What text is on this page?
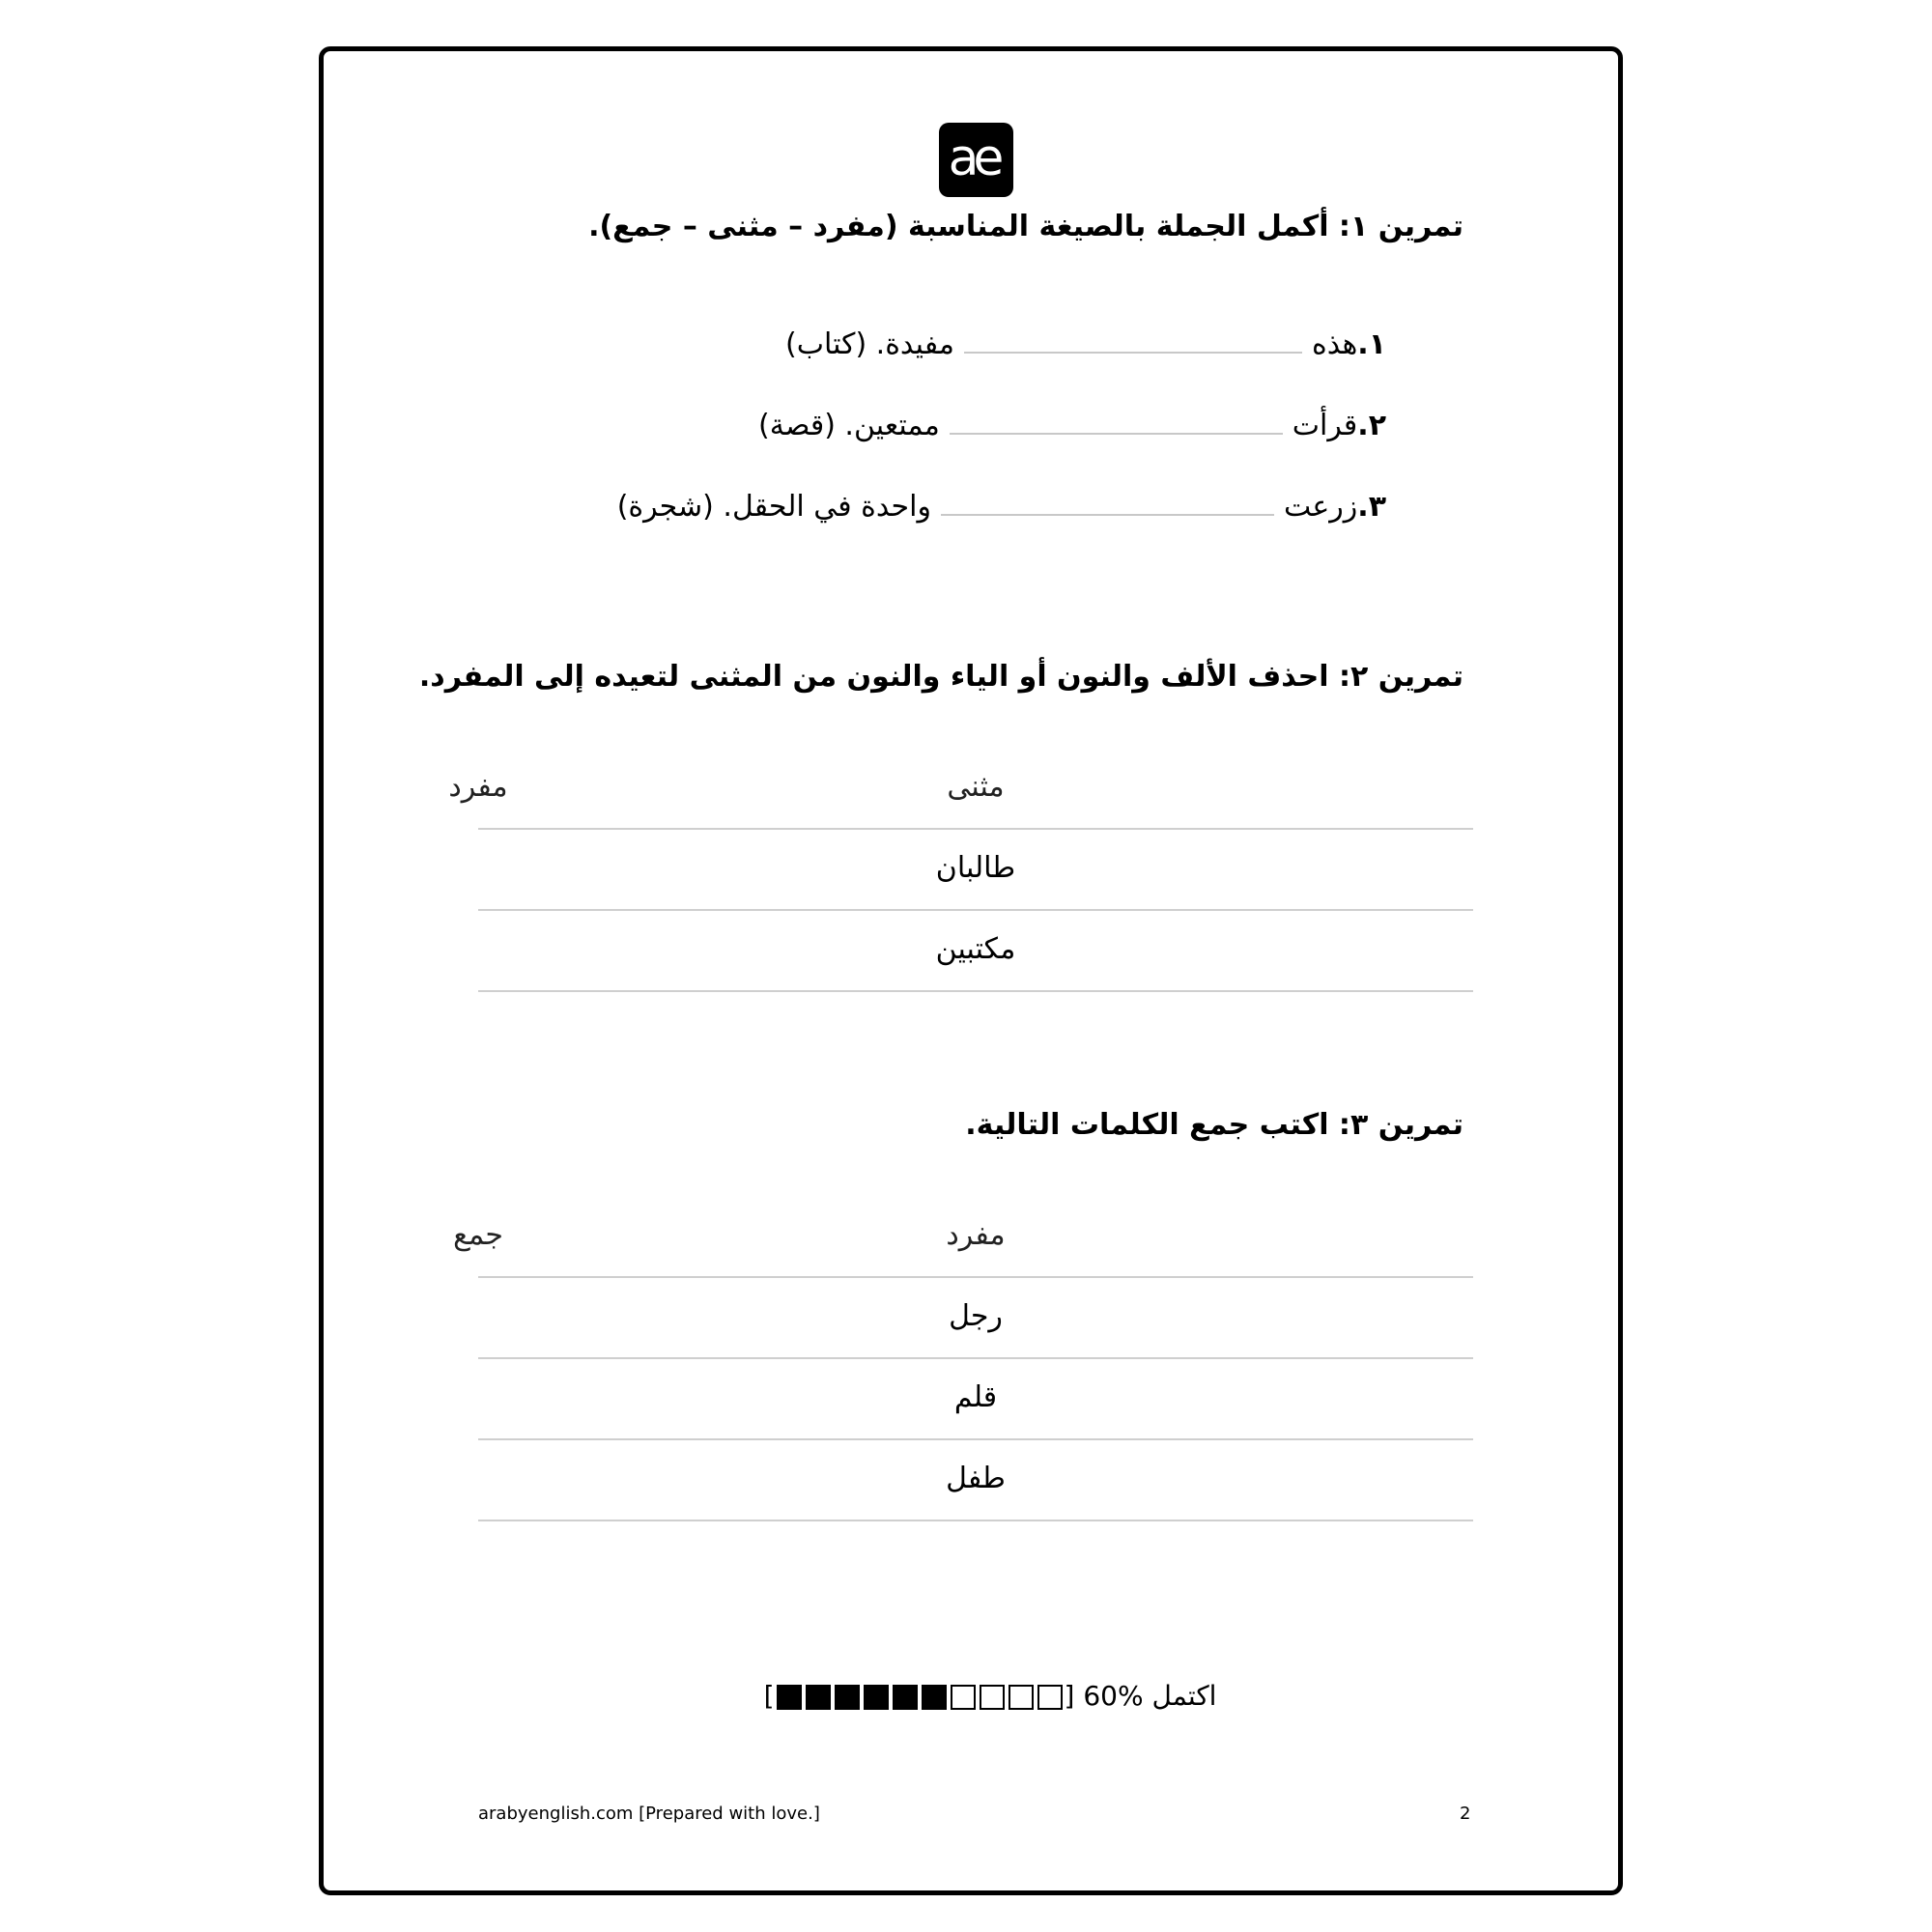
ae
تمرين ١: أكمل الجملة بالصيغة المناسبة (مفرد – مثنى – جمع).
١.
هذه
مفيدة. (كتاب)
٢.
قرأت
ممتعين. (قصة)
٣.
زرعت
واحدة في الحقل. (شجرة)
تمرين ٢: احذف الألف والنون أو الياء والنون من المثنى لتعيده إلى المفرد.
مثنى
مفرد
طالبان
مكتبين
تمرين ٣: اكتب جمع الكلمات التالية.
مفرد
جمع
رجل
قلم
طفل
[	] 60% اكتمل
arabyenglish.com [Prepared with love.]	2
